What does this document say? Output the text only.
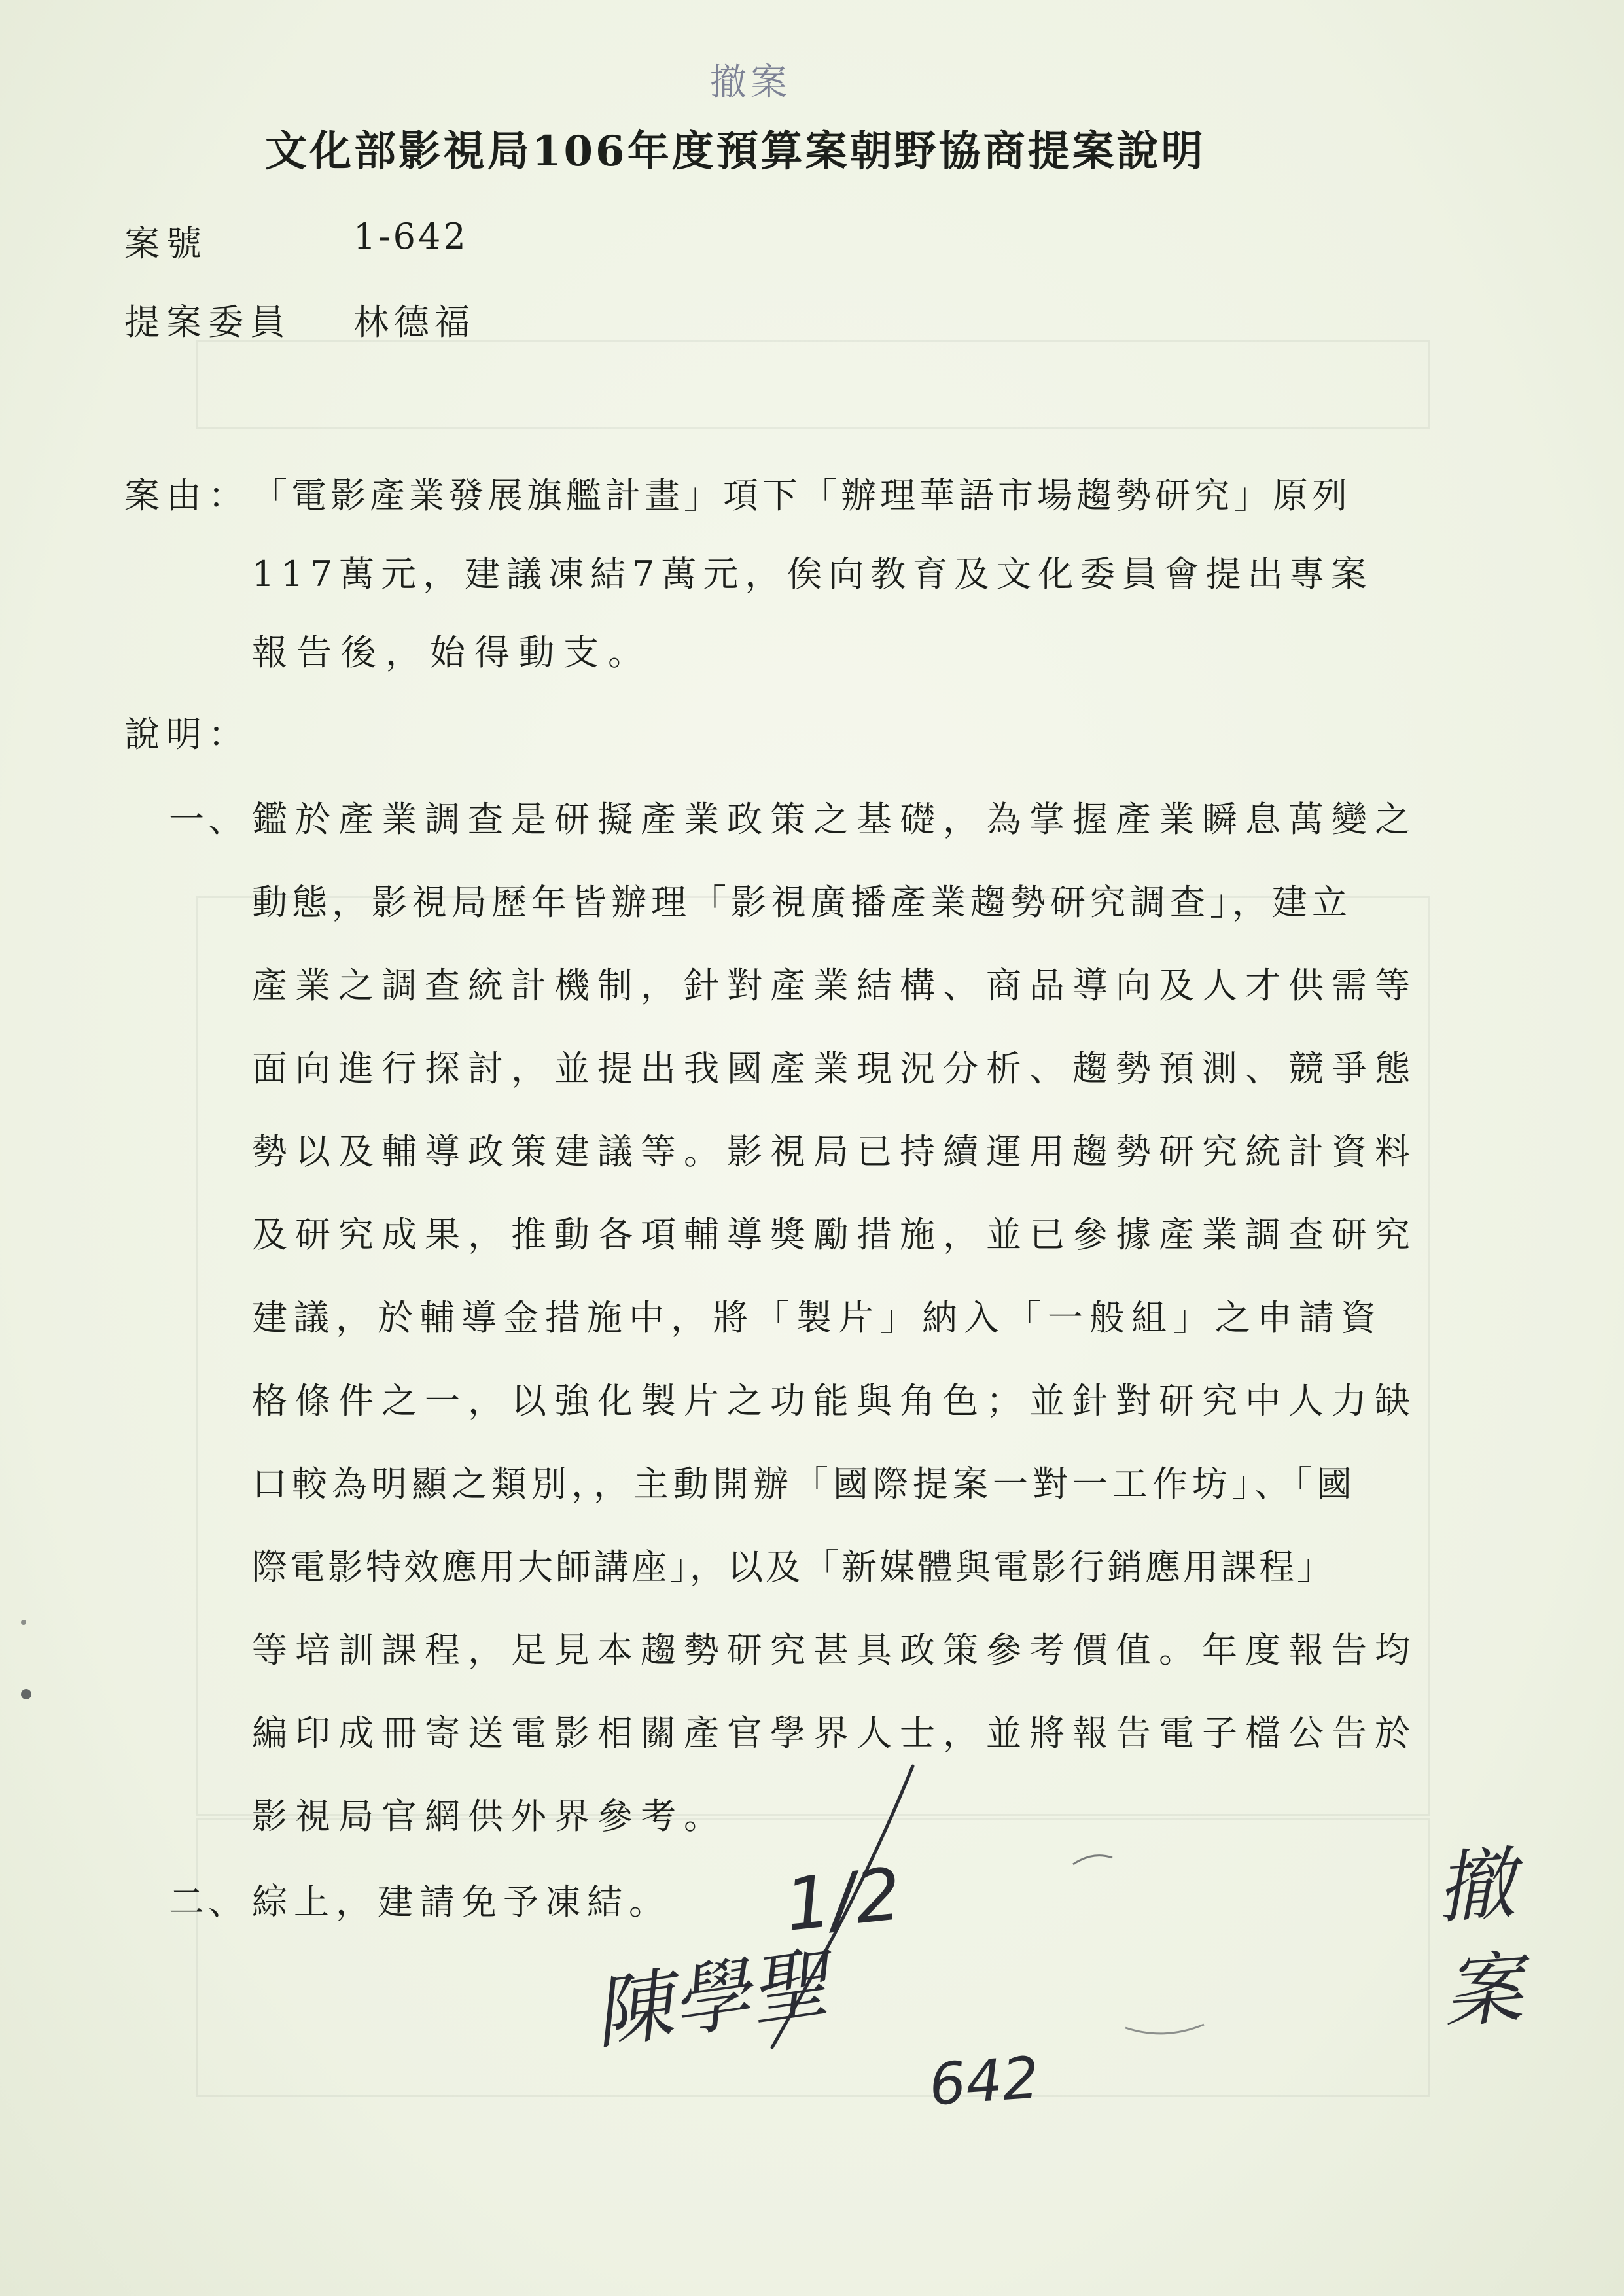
撤案
文化部影視局106年度預算案朝野協商提案說明
案號	1-642
提案委員 林德福
案由： 「電影產業發展旗艦計畫」項下「辦理華語市場趨勢研究」原列
117萬元，建議凍結7萬元，俟向教育及文化委員會提出專案
報告後，始得動支。
說明：
一、 鑑於產業調查是研擬產業政策之基礎，為掌握產業瞬息萬變之
動態，影視局歷年皆辦理「影視廣播產業趨勢研究調查」，建立
產業之調查統計機制，針對產業結構、商品導向及人才供需等
面向進行探討，並提出我國產業現況分析、趨勢預測、競爭態
勢以及輔導政策建議等。影視局已持續運用趨勢研究統計資料
及研究成果，推動各項輔導獎勵措施，並已參據產業調查研究
建議，於輔導金措施中，將「製片」納入「一般組」之申請資
格條件之一，以強化製片之功能與角色；並針對研究中人力缺
口較為明顯之類別，，主動開辦「國際提案一對一工作坊」、「國
際電影特效應用大師講座」，以及「新媒體與電影行銷應用課程」
等培訓課程，足見本趨勢研究甚具政策參考價值。年度報告均
編印成冊寄送電影相關產官學界人士，並將報告電子檔公告於
影視局官網供外界參考。
二、 綜上，建請免予凍結。
陳學聖
1/2
642
撤案
